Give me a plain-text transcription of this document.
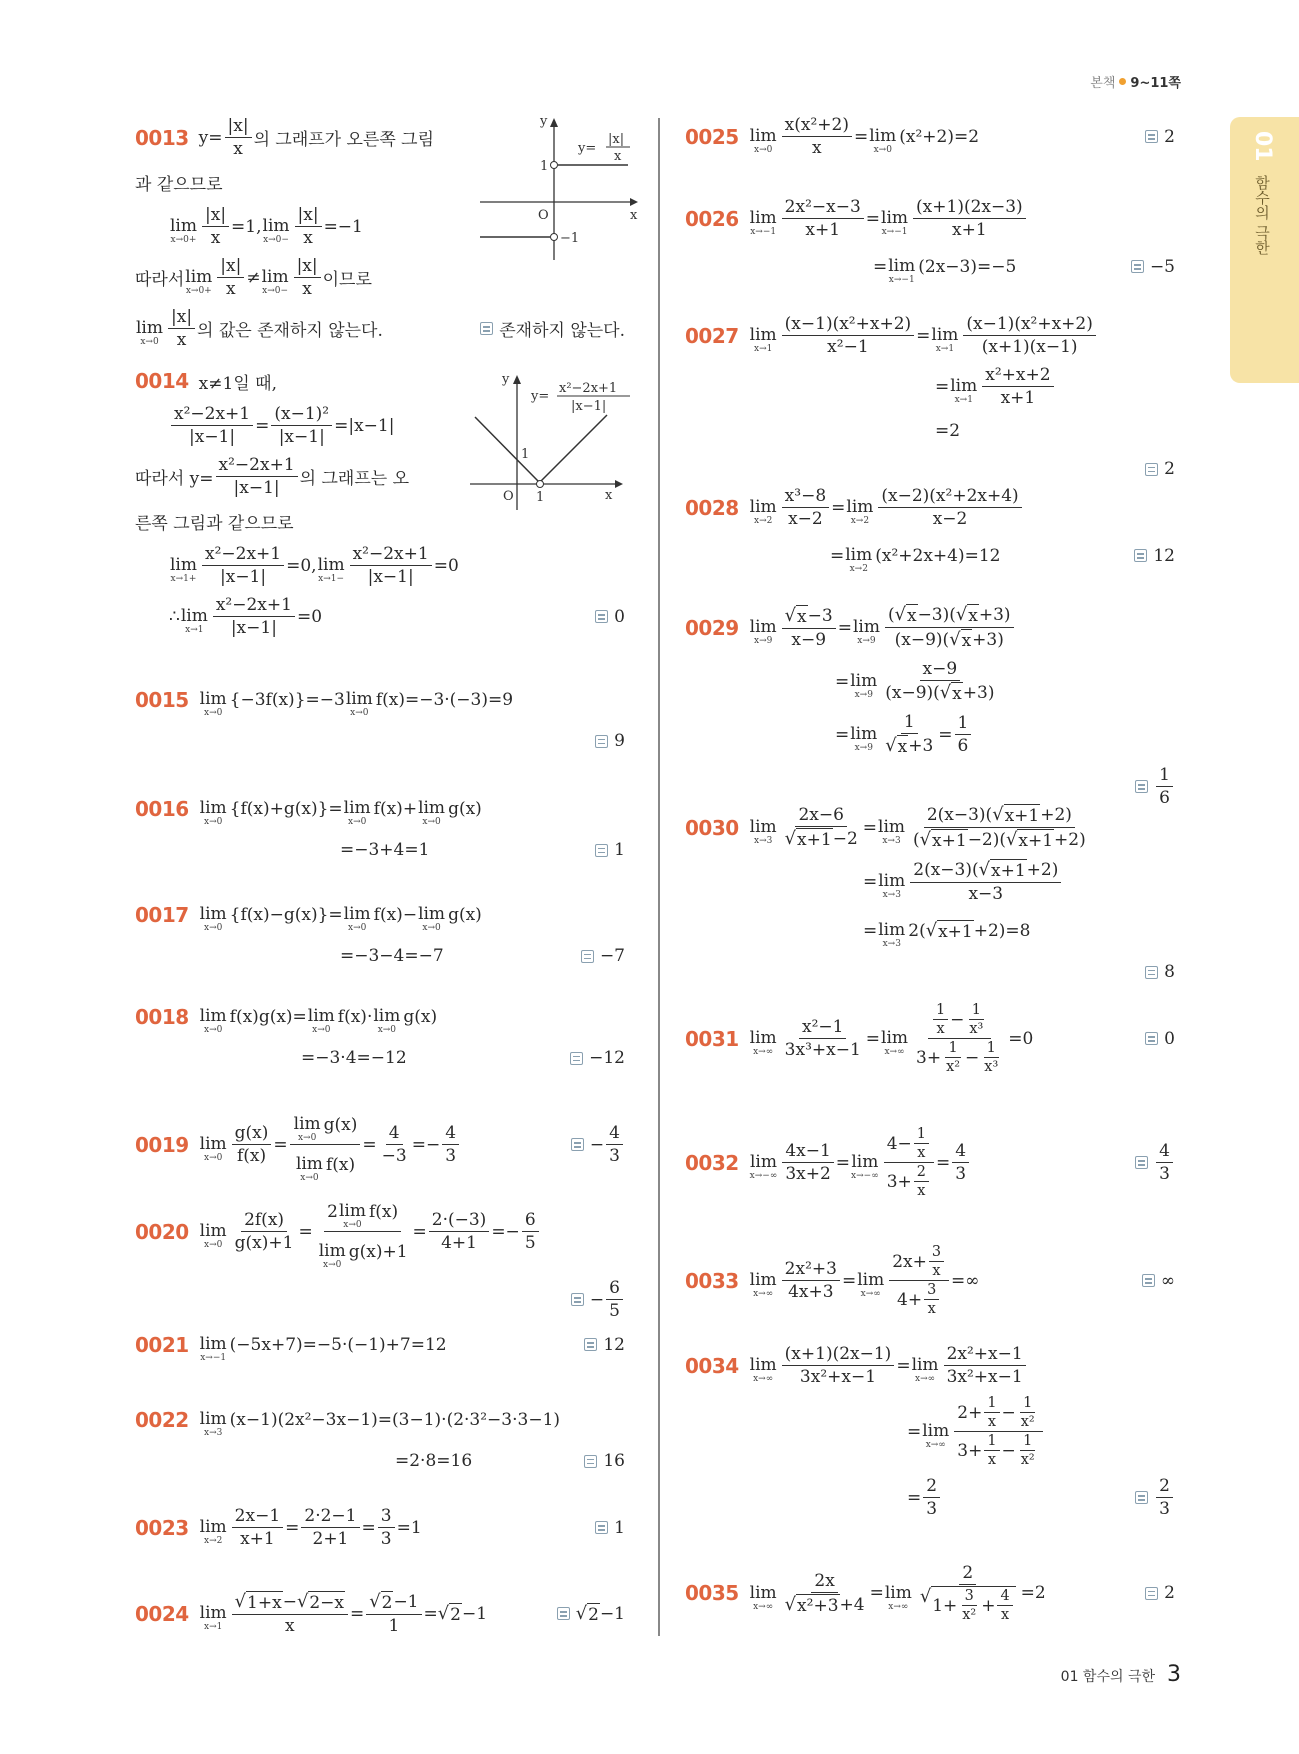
본책 9~11쪽
01
함수의 극한
y
x
O
1
−1
y=
|x|
x
y
x
O
1
1
y=
x²−2x+1
|x−1|
0013 $y= \frac{|x|}{x}$ 의 그래프가 오른쪽 그림
과 같으므로
lim
$x\to 0+ \frac{|x|}{x} =1$, lim
$x\to 0- \frac{|x|}{x} =-1$
따라서 lim
$x\to 0+ \frac{|x|}{x} \ne \lim$
$x\to 0- \frac{|x|}{x}$ 이므로
lim
$x\to 0 \frac{|x|}{x}$ 의 값은 존재하지 않는다.	존재하지 않는다.
0014 x≠1일 때,
$\frac{\text{x²−2x+1}}{|x-1|} = \frac{\text{(x−1)²}}{|x-1|} =|x-1|$
따라서 $y= \frac{\text{x²−2x+1}}{|x-1|}$ 의 그래프는 오
른쪽 그림과 같으므로
lim
$x\to 1+ \frac{\text{x²−2x+1}}{|x-1|} =0$, lim
$x\to 1- \frac{\text{x²−2x+1}}{|x-1|} =0$
∴ lim
$x\to 1 \frac{\text{x²−2x+1}}{|x-1|} =0$	0
0015 lim
x→0
{−3f(x)}=−3 lim
x→0
f(x)=−3·(−3)=9
9
0016 lim
x→0
{f(x)+g(x)}= lim
x→0
f(x)+ lim
x→0
g(x)
=−3+4=1	1
0017 lim
x→0
{f(x)−g(x)}= lim
x→0
f(x)− lim
x→0
g(x)
=−3−4=−7	−7
0018 lim
x→0
f(x)g(x)= lim
x→0
f(x)· lim
x→0
g(x)
=−3·4=−12	−12
0019 lim
$x\to 0 \frac{g(x)}{f(x)} = \lim$
x→0
g(x)
lim
x→0
$f(x) = \frac{4}{-3} =- \frac{4}{3}$	− $\frac{4}{3}$
0020 lim
$x\to 0 \frac{2f(x)}{g(x)+1} = 2$ lim
x→0
f(x)
lim
x→0
$g(x)+1 = \frac{2\cdot(-3)}{4+1} =- \frac{6}{5}$
− $\frac{6}{5}$
0021 lim
x→−1
(−5x+7)=−5·(−1)+7=12	12
0022 lim
x→3
(x−1)(2x²−3x−1)=(3−1)·(2·3²−3·3−1)
=2·8=16	16
0023 lim
$x\to 2 \frac{2x-1}{x+1} = \frac{2\cdot 2-1}{2+1} = \frac{3}{3} =1$	1
0024 lim
$x\to 1 \frac{√ 1+x - √ 2-x}{x} = \frac{√ 2 -1}{1}$ = √ 2 −1	√ 2 −1
0025 lim
$x\to 0 \frac{\text{x(x²+2)}}{x} = \lim$
x→0
(x²+2)=2	2
0026 lim
$x\to-1 \frac{\text{2x²−x−3}}{x+1} = \lim$
$x\to-1 \frac{(x+1)(2x-3)}{x+1}$
= lim
x→−1
(2x−3)=−5	−5
0027 lim
$x\to 1 \frac{\text{(x−1)(x²+x+2)}}{\text{x²−1}} = \lim$
$x\to 1 \frac{\text{(x−1)(x²+x+2)}}{(x+1)(x-1)}$
= lim
$x\to 1 \frac{\text{x²+x+2}}{x+1}$
=2
2
0028 lim
$x\to 2 \frac{\text{x³−8}}{x-2} = \lim$
$x\to 2 \frac{\text{(x−2)(x²+2x+4)}}{x-2}$
= lim
x→2
(x²+2x+4)=12	12
0029 lim
$x\to 9 \frac{√ x -3}{x-9} = \lim$
$x\to 9 \frac{( √ x -3)( √ x +3)}{(x-9)( √ x +3)}$
= lim
$x\to 9 \frac{x-9}{(x-9)( √ x +3)}$
= lim
$x\to 9 \frac{1}{√ x +3} = \frac{1}{6}$
$\frac{1}{6}$
0030 lim
$x\to 3 \frac{2x-6}{√ x+1 -2} = \lim$
$x\to 3 \frac{2(x-3)( √ x+1 +2)}{( √ x+1 -2)( √ x+1 +2)}$
= lim
$x\to 3 \frac{2(x-3)( √ x+1 +2)}{x-3}$
= lim
x→3
2( √ x+1 +2)=8
8
0031 lim
$x\to\infty \frac{\text{x²−1}}{\text{3x³+x−1}} = \lim$
$x\to\infty \frac{\frac{1}{x} - \frac{1}{\text{x³}}}{3+ \frac{1}{\text{x²}} - \frac{1}{\text{x³}}} =0$	0
0032 lim
$x\to-\infty \frac{4x-1}{3x+2} = \lim$
$x\to-\infty \frac{4- \frac{1}{x}}{3+ \frac{2}{x}} = \frac{4}{3}$	$\frac{4}{3}$
0033 lim
$x\to\infty \frac{\text{2x²+3}}{4x+3} = \lim$
$x\to\infty \frac{2x+ \frac{3}{x}}{4+ \frac{3}{x}}$ =∞	∞
0034 lim
$x\to\infty \frac{(x+1)(2x-1)}{\text{3x²+x−1}} = \lim$
$x\to\infty \frac{\text{2x²+x−1}}{\text{3x²+x−1}}$
= lim
$x\to\infty \frac{2+ \frac{1}{x} - \frac{1}{\text{x²}}}{3+ \frac{1}{x} - \frac{1}{\text{x²}}}$
= $\frac{2}{3}$	$\frac{2}{3}$
0035 lim
$x\to\infty \frac{2x}{\text{√ x²+3 +4}} = \lim$
$x\to\infty \frac{2}{√ 1+ \frac{3}{\text{x²}} + \frac{4}{x}} =2$	2
01 함수의 극한 3
